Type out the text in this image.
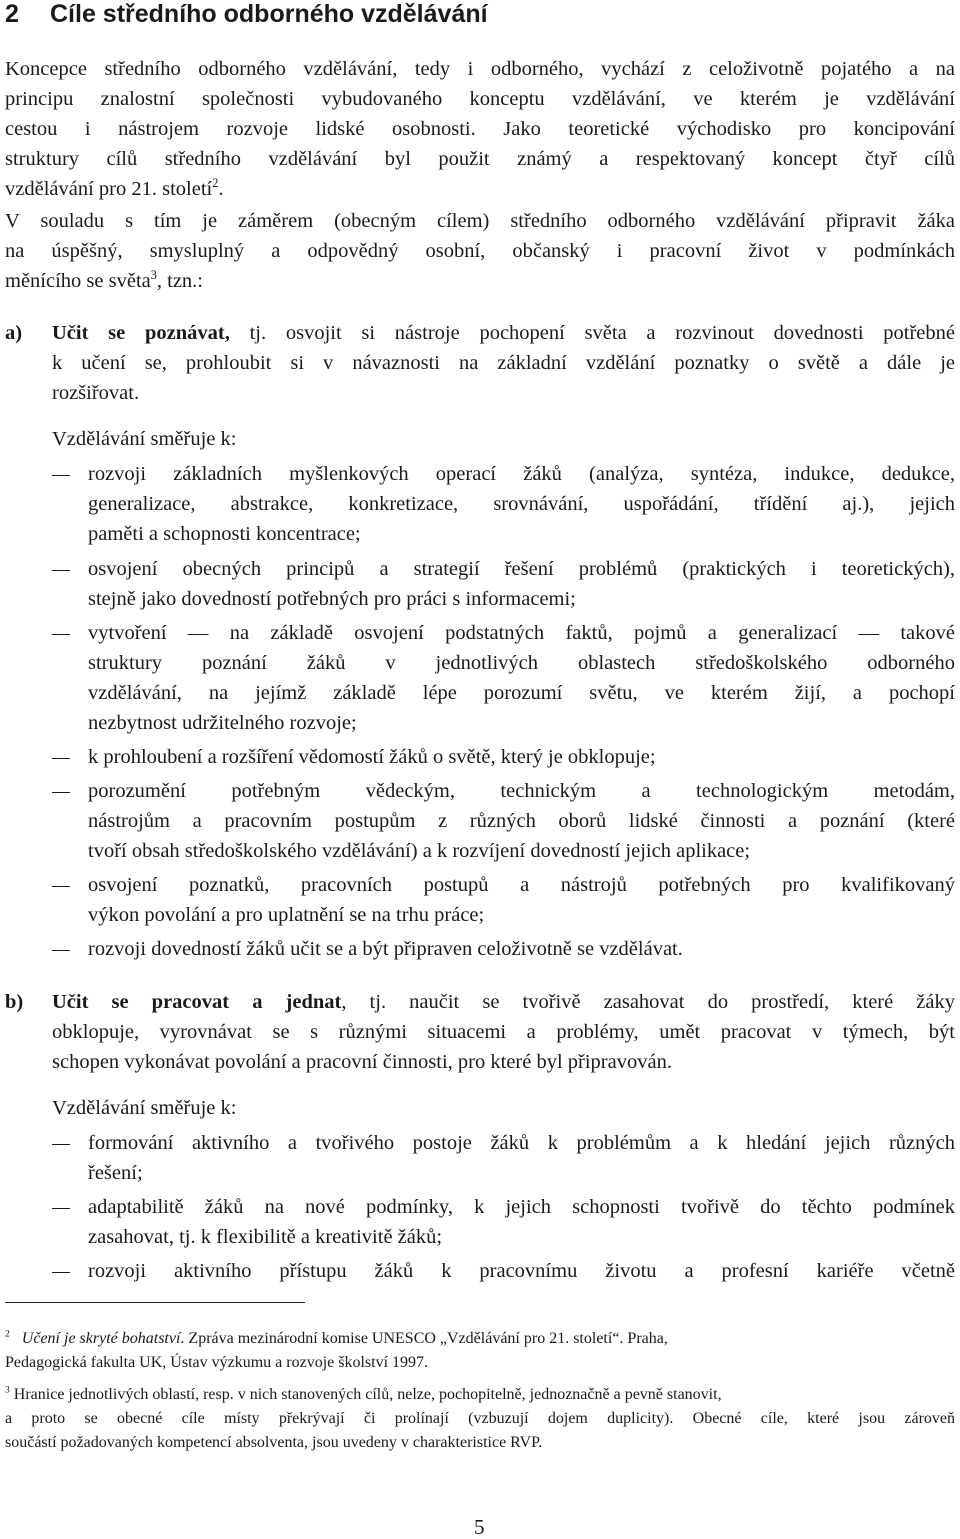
2 Cíle středního odborného vzdělávání
Koncepce středního odborného vzdělávání, tedy i odborného, vychází z celoživotně pojatého a na
principu znalostní společnosti vybudovaného konceptu vzdělávání, ve kterém je vzdělávání
cestou i nástrojem rozvoje lidské osobnosti. Jako teoretické východisko pro koncipování
struktury cílů středního vzdělávání byl použit známý a respektovaný koncept čtyř cílů
vzdělávání pro 21. století$^2$.
V souladu s tím je záměrem (obecným cílem) středního odborného vzdělávání připravit žáka
na úspěšný, smysluplný a odpovědný osobní, občanský i pracovní život v podmínkách
měnícího se světa$^3$, tzn.:
a) Učit se poznávat, tj. osvojit si nástroje pochopení světa a rozvinout dovednosti potřebné
k učení se, prohloubit si v návaznosti na základní vzdělání poznatky o světě a dále je
rozšiřovat.
Vzdělávání směřuje k:
rozvoji základních myšlenkových operací žáků (analýza, syntéza, indukce, dedukce,
generalizace, abstrakce, konkretizace, srovnávání, uspořádání, třídění aj.), jejich
paměti a schopnosti koncentrace;
osvojení obecných principů a strategií řešení problémů (praktických i teoretických),
stejně jako dovedností potřebných pro práci s informacemi;
vytvoření — na základě osvojení podstatných faktů, pojmů a generalizací — takové
struktury poznání žáků v jednotlivých oblastech středoškolského odborného
vzdělávání, na jejímž základě lépe porozumí světu, ve kterém žijí, a pochopí
nezbytnost udržitelného rozvoje;
k prohloubení a rozšíření vědomostí žáků o světě, který je obklopuje;
porozumění potřebným vědeckým, technickým a technologickým metodám,
nástrojům a pracovním postupům z různých oborů lidské činnosti a poznání (které
tvoří obsah středoškolského vzdělávání) a k rozvíjení dovedností jejich aplikace;
osvojení poznatků, pracovních postupů a nástrojů potřebných pro kvalifikovaný
výkon povolání a pro uplatnění se na trhu práce;
rozvoji dovedností žáků učit se a být připraven celoživotně se vzdělávat.
b) Učit se pracovat a jednat, tj. naučit se tvořivě zasahovat do prostředí, které žáky
obklopuje, vyrovnávat se s různými situacemi a problémy, umět pracovat v týmech, být
schopen vykonávat povolání a pracovní činnosti, pro které byl připravován.
Vzdělávání směřuje k:
formování aktivního a tvořivého postoje žáků k problémům a k hledání jejich různých
řešení;
adaptabilitě žáků na nové podmínky, k jejich schopnosti tvořivě do těchto podmínek
zasahovat, tj. k flexibilitě a kreativitě žáků;
rozvoji aktivního přístupu žáků k pracovnímu životu a profesní kariéře včetně
$^2$ Učení je skryté bohatství. Zpráva mezinárodní komise UNESCO „Vzdělávání pro 21. století“. Praha,
Pedagogická fakulta UK, Ústav výzkumu a rozvoje školství 1997.
$^3$ Hranice jednotlivých oblastí, resp. v nich stanovených cílů, nelze, pochopitelně, jednoznačně a pevně stanovit,
a proto se obecné cíle místy překrývají či prolínají (vzbuzují dojem duplicity). Obecné cíle, které jsou zároveň
součástí požadovaných kompetencí absolventa, jsou uvedeny v charakteristice RVP.
5
